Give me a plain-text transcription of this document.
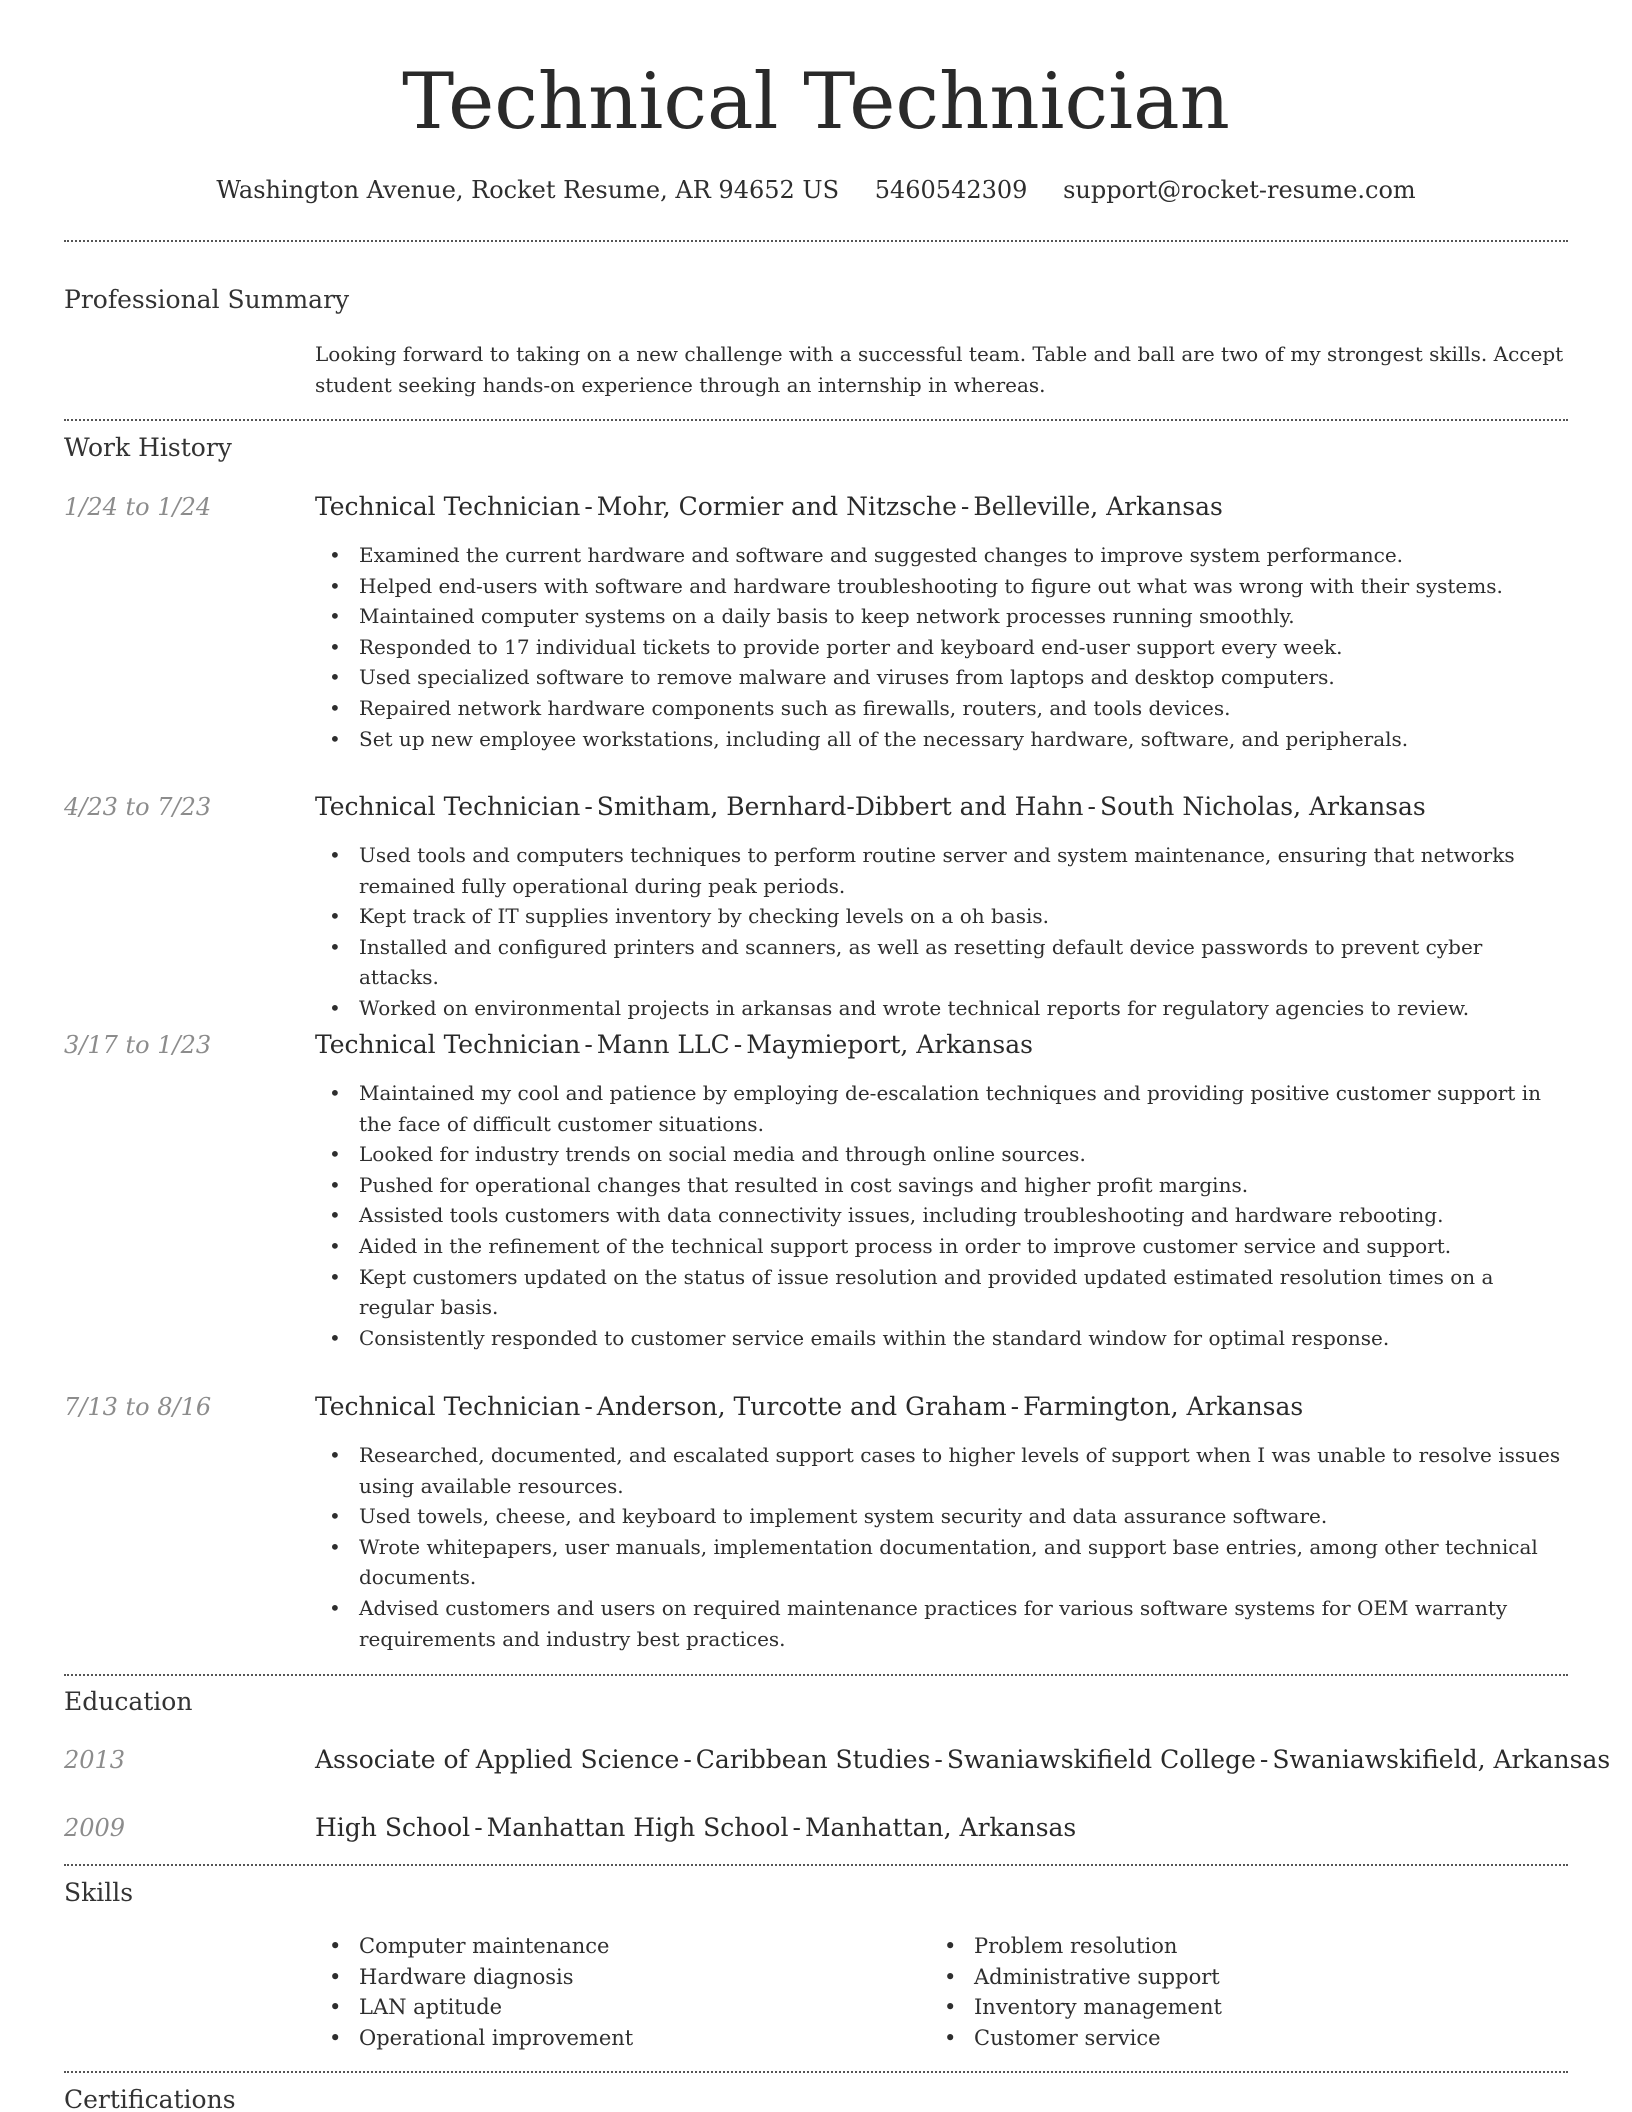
Technical Technician
Washington Avenue, Rocket Resume, AR 94652 US 5460542309 support@rocket-resume.com
Professional Summary

Looking forward to taking on a new challenge with a successful team. Table and ball are two of my strongest skills. Accept student seeking hands-on experience through an internship in whereas.

Work History
1/24 to 1/24	Technical Technician - Mohr, Cormier and Nitzsche - Belleville, Arkansas
• Examined the current hardware and software and suggested changes to improve system performance.
• Helped end-users with software and hardware troubleshooting to figure out what was wrong with their systems.
• Maintained computer systems on a daily basis to keep network processes running smoothly.
• Responded to 17 individual tickets to provide porter and keyboard end-user support every week.
• Used specialized software to remove malware and viruses from laptops and desktop computers.
• Repaired network hardware components such as firewalls, routers, and tools devices.
• Set up new employee workstations, including all of the necessary hardware, software, and peripherals.
4/23 to 7/23	Technical Technician - Smitham, Bernhard-Dibbert and Hahn - South Nicholas, Arkansas
• Used tools and computers techniques to perform routine server and system maintenance, ensuring that networks remained fully operational during peak periods.
• Kept track of IT supplies inventory by checking levels on a oh basis.
• Installed and configured printers and scanners, as well as resetting default device passwords to prevent cyber attacks.
• Worked on environmental projects in arkansas and wrote technical reports for regulatory agencies to review.
3/17 to 1/23	Technical Technician - Mann LLC - Maymieport, Arkansas
• Maintained my cool and patience by employing de-escalation techniques and providing positive customer support in the face of difficult customer situations.
• Looked for industry trends on social media and through online sources.
• Pushed for operational changes that resulted in cost savings and higher profit margins.
• Assisted tools customers with data connectivity issues, including troubleshooting and hardware rebooting.
• Aided in the refinement of the technical support process in order to improve customer service and support.
• Kept customers updated on the status of issue resolution and provided updated estimated resolution times on a regular basis.
• Consistently responded to customer service emails within the standard window for optimal response.
7/13 to 8/16	Technical Technician - Anderson, Turcotte and Graham - Farmington, Arkansas
• Researched, documented, and escalated support cases to higher levels of support when I was unable to resolve issues using available resources.
• Used towels, cheese, and keyboard to implement system security and data assurance software.
• Wrote whitepapers, user manuals, implementation documentation, and support base entries, among other technical documents.
• Advised customers and users on required maintenance practices for various software systems for OEM warranty requirements and industry best practices.
Education
2013	Associate of Applied Science - Caribbean Studies - Swaniawskifield College - Swaniawskifield, Arkansas
2009	High School - Manhattan High School - Manhattan, Arkansas
Skills
• Computer maintenance
• Hardware diagnosis
• LAN aptitude
• Operational improvement
• Problem resolution
• Administrative support
• Inventory management
• Customer service
Certifications
